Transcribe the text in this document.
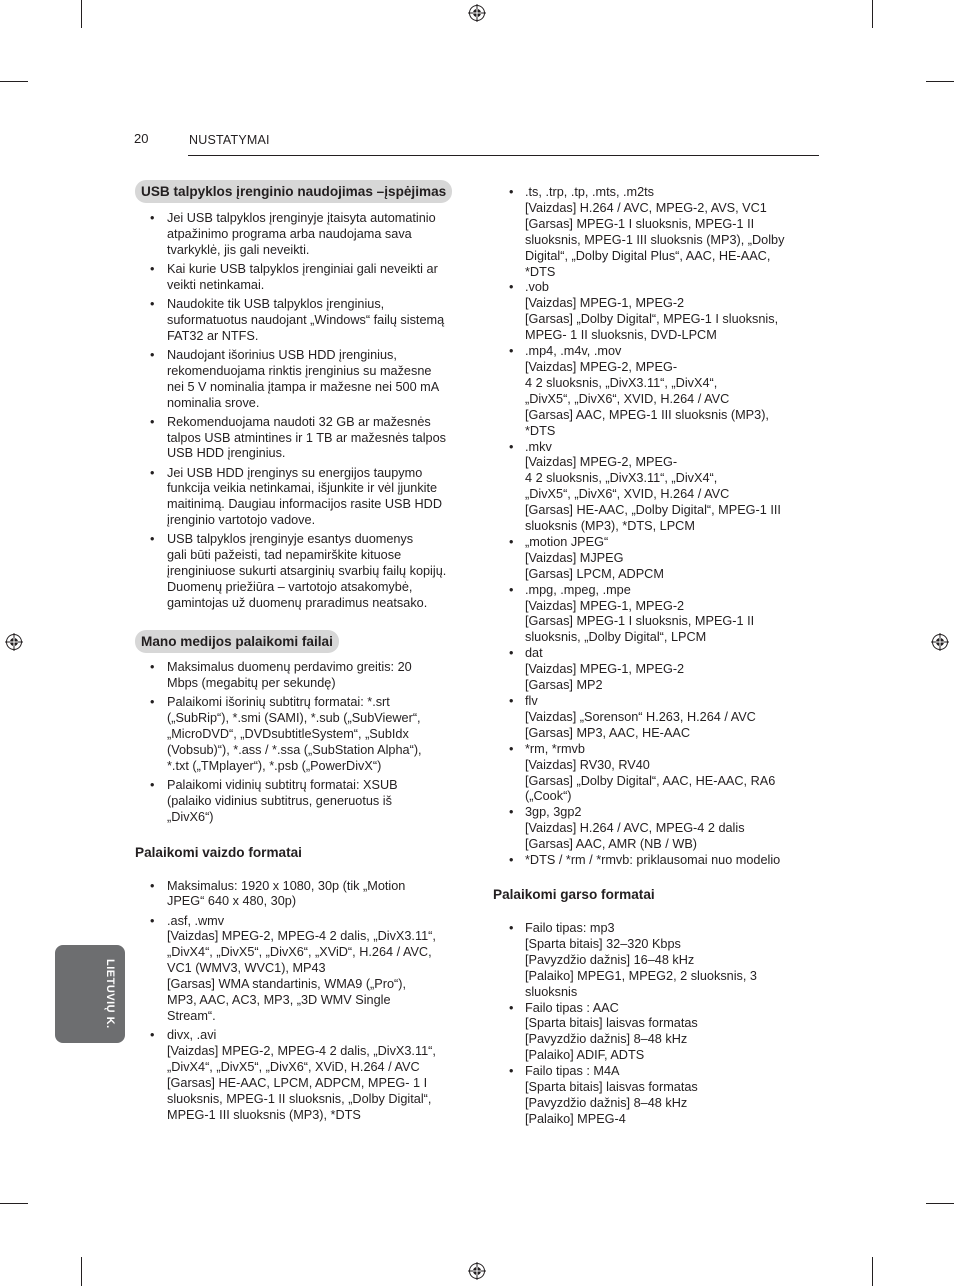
20	NUSTATYMAI
USB talpyklos įrenginio naudojimas –įspėjimas
• Jei USB talpyklos įrenginyje įtaisyta automatinio
atpažinimo programa arba naudojama sava
tvarkyklė, jis gali neveikti.
• Kai kurie USB talpyklos įrenginiai gali neveikti ar
veikti netinkamai.
• Naudokite tik USB talpyklos įrenginius,
suformatuotus naudojant „Windows“ failų sistemą
FAT32 ar NTFS.
• Naudojant išorinius USB HDD įrenginius,
rekomenduojama rinktis įrenginius su mažesne
nei 5 V nominalia įtampa ir mažesne nei 500 mA
nominalia srove.
• Rekomenduojama naudoti 32 GB ar mažesnės
talpos USB atmintines ir 1 TB ar mažesnės talpos
USB HDD įrenginius.
• Jei USB HDD įrenginys su energijos taupymo
funkcija veikia netinkamai, išjunkite ir vėl įjunkite
maitinimą. Daugiau informacijos rasite USB HDD
įrenginio vartotojo vadove.
• USB talpyklos įrenginyje esantys duomenys
gali būti pažeisti, tad nepamirškite kituose
įrenginiuose sukurti atsarginių svarbių failų kopijų.
Duomenų priežiūra – vartotojo atsakomybė,
gamintojas už duomenų praradimus neatsako.
Mano medijos palaikomi failai
• Maksimalus duomenų perdavimo greitis: 20
Mbps (megabitų per sekundę)
• Palaikomi išorinių subtitrų formatai: *.srt
(„SubRip“), *.smi (SAMI), *.sub („SubViewer“,
„MicroDVD“, „DVDsubtitleSystem“, „SubIdx
(Vobsub)“), *.ass / *.ssa („SubStation Alpha“),
*.txt („TMplayer“), *.psb („PowerDivX“)
• Palaikomi vidinių subtitrų formatai: XSUB
(palaiko vidinius subtitrus, generuotus iš
„DivX6“)
Palaikomi vaizdo formatai
• Maksimalus: 1920 x 1080, 30p (tik „Motion
JPEG“ 640 x 480, 30p)
• .asf, .wmv
[Vaizdas] MPEG-2, MPEG-4 2 dalis, „DivX3.11“,
„DivX4“, „DivX5“, „DivX6“, „XViD“, H.264 / AVC,
VC1 (WMV3, WVC1), MP43
[Garsas] WMA standartinis, WMA9 („Pro“),
MP3, AAC, AC3, MP3, „3D WMV Single
Stream“.
• divx, .avi
[Vaizdas] MPEG-2, MPEG-4 2 dalis, „DivX3.11“,
„DivX4“, „DivX5“, „DivX6“, XViD, H.264 / AVC
[Garsas] HE-AAC, LPCM, ADPCM, MPEG- 1 I
sluoksnis, MPEG-1 II sluoksnis, „Dolby Digital“,
MPEG-1 III sluoksnis (MP3), *DTS
• .ts, .trp, .tp, .mts, .m2ts
[Vaizdas] H.264 / AVC, MPEG-2, AVS, VC1
[Garsas] MPEG-1 I sluoksnis, MPEG-1 II
sluoksnis, MPEG-1 III sluoksnis (MP3), „Dolby
Digital“, „Dolby Digital Plus“, AAC, HE-AAC,
*DTS
• .vob
[Vaizdas] MPEG-1, MPEG-2
[Garsas] „Dolby Digital“, MPEG-1 I sluoksnis,
MPEG- 1 II sluoksnis, DVD-LPCM
• .mp4, .m4v, .mov
[Vaizdas] MPEG-2, MPEG-
4 2 sluoksnis, „DivX3.11“, „DivX4“,
„DivX5“, „DivX6“, XVID, H.264 / AVC
[Garsas] AAC, MPEG-1 III sluoksnis (MP3),
*DTS
• .mkv
[Vaizdas] MPEG-2, MPEG-
4 2 sluoksnis, „DivX3.11“, „DivX4“,
„DivX5“, „DivX6“, XVID, H.264 / AVC
[Garsas] HE-AAC, „Dolby Digital“, MPEG-1 III
sluoksnis (MP3), *DTS, LPCM
• „motion JPEG“
[Vaizdas] MJPEG
[Garsas] LPCM, ADPCM
• .mpg, .mpeg, .mpe
[Vaizdas] MPEG-1, MPEG-2
[Garsas] MPEG-1 I sluoksnis, MPEG-1 II
sluoksnis, „Dolby Digital“, LPCM
• dat
[Vaizdas] MPEG-1, MPEG-2
[Garsas] MP2
• flv
[Vaizdas] „Sorenson“ H.263, H.264 / AVC
[Garsas] MP3, AAC, HE-AAC
• *rm, *rmvb
[Vaizdas] RV30, RV40
[Garsas] „Dolby Digital“, AAC, HE-AAC, RA6
(„Cook“)
• 3gp, 3gp2
[Vaizdas] H.264 / AVC, MPEG-4 2 dalis
[Garsas] AAC, AMR (NB / WB)
• *DTS / *rm / *rmvb: priklausomai nuo modelio
Palaikomi garso formatai
• Failo tipas: mp3
[Sparta bitais] 32–320 Kbps
[Pavyzdžio dažnis] 16–48 kHz
[Palaiko] MPEG1, MPEG2, 2 sluoksnis, 3
sluoksnis
• Failo tipas : AAC
[Sparta bitais] laisvas formatas
[Pavyzdžio dažnis] 8–48 kHz
[Palaiko] ADIF, ADTS
• Failo tipas : M4A
[Sparta bitais] laisvas formatas
[Pavyzdžio dažnis] 8–48 kHz
[Palaiko] MPEG-4
LIETUVIŲ K.
